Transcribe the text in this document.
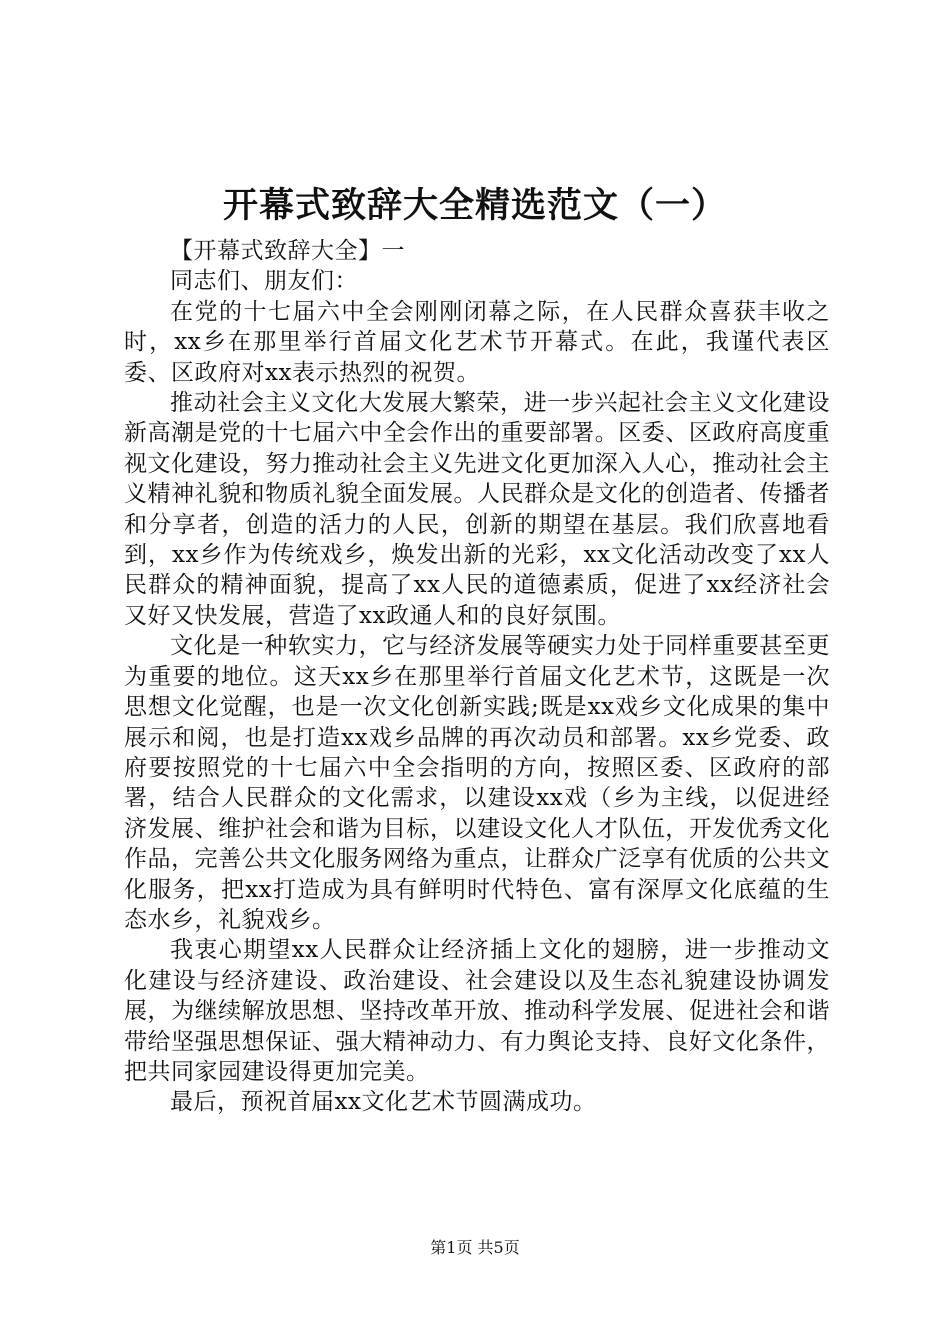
开幕式致辞大全精选范文（一）

【开幕式致辞大全】一

同志们、朋友们：

在党的十七届六中全会刚刚闭幕之际，在人民群众喜获丰收之时，xx乡在那里举行首届文化艺术节开幕式。在此，我谨代表区委、区政府对xx表示热烈的祝贺。

推动社会主义文化大发展大繁荣，进一步兴起社会主义文化建设新高潮是党的十七届六中全会作出的重要部署。区委、区政府高度重视文化建设，努力推动社会主义先进文化更加深入人心，推动社会主义精神礼貌和物质礼貌全面发展。人民群众是文化的创造者、传播者和分享者，创造的活力的人民，创新的期望在基层。我们欣喜地看到，xx乡作为传统戏乡，焕发出新的光彩，xx文化活动改变了xx人民群众的精神面貌，提高了xx人民的道德素质，促进了xx经济社会又好又快发展，营造了xx政通人和的良好氛围。

文化是一种软实力，它与经济发展等硬实力处于同样重要甚至更为重要的地位。这天xx乡在那里举行首届文化艺术节，这既是一次思想文化觉醒，也是一次文化创新实践;既是xx戏乡文化成果的集中展示和阅，也是打造xx戏乡品牌的再次动员和部署。xx乡党委、政府要按照党的十七届六中全会指明的方向，按照区委、区政府的部署，结合人民群众的文化需求，以建设xx戏（乡为主线，以促进经济发展、维护社会和谐为目标，以建设文化人才队伍，开发优秀文化作品，完善公共文化服务网络为重点，让群众广泛享有优质的公共文化服务，把xx打造成为具有鲜明时代特色、富有深厚文化底蕴的生态水乡，礼貌戏乡。

我衷心期望xx人民群众让经济插上文化的翅膀，进一步推动文化建设与经济建设、政治建设、社会建设以及生态礼貌建设协调发展，为继续解放思想、坚持改革开放、推动科学发展、促进社会和谐带给坚强思想保证、强大精神动力、有力舆论支持、良好文化条件，把共同家园建设得更加完美。

最后，预祝首届xx文化艺术节圆满成功。

第1页 共5页
